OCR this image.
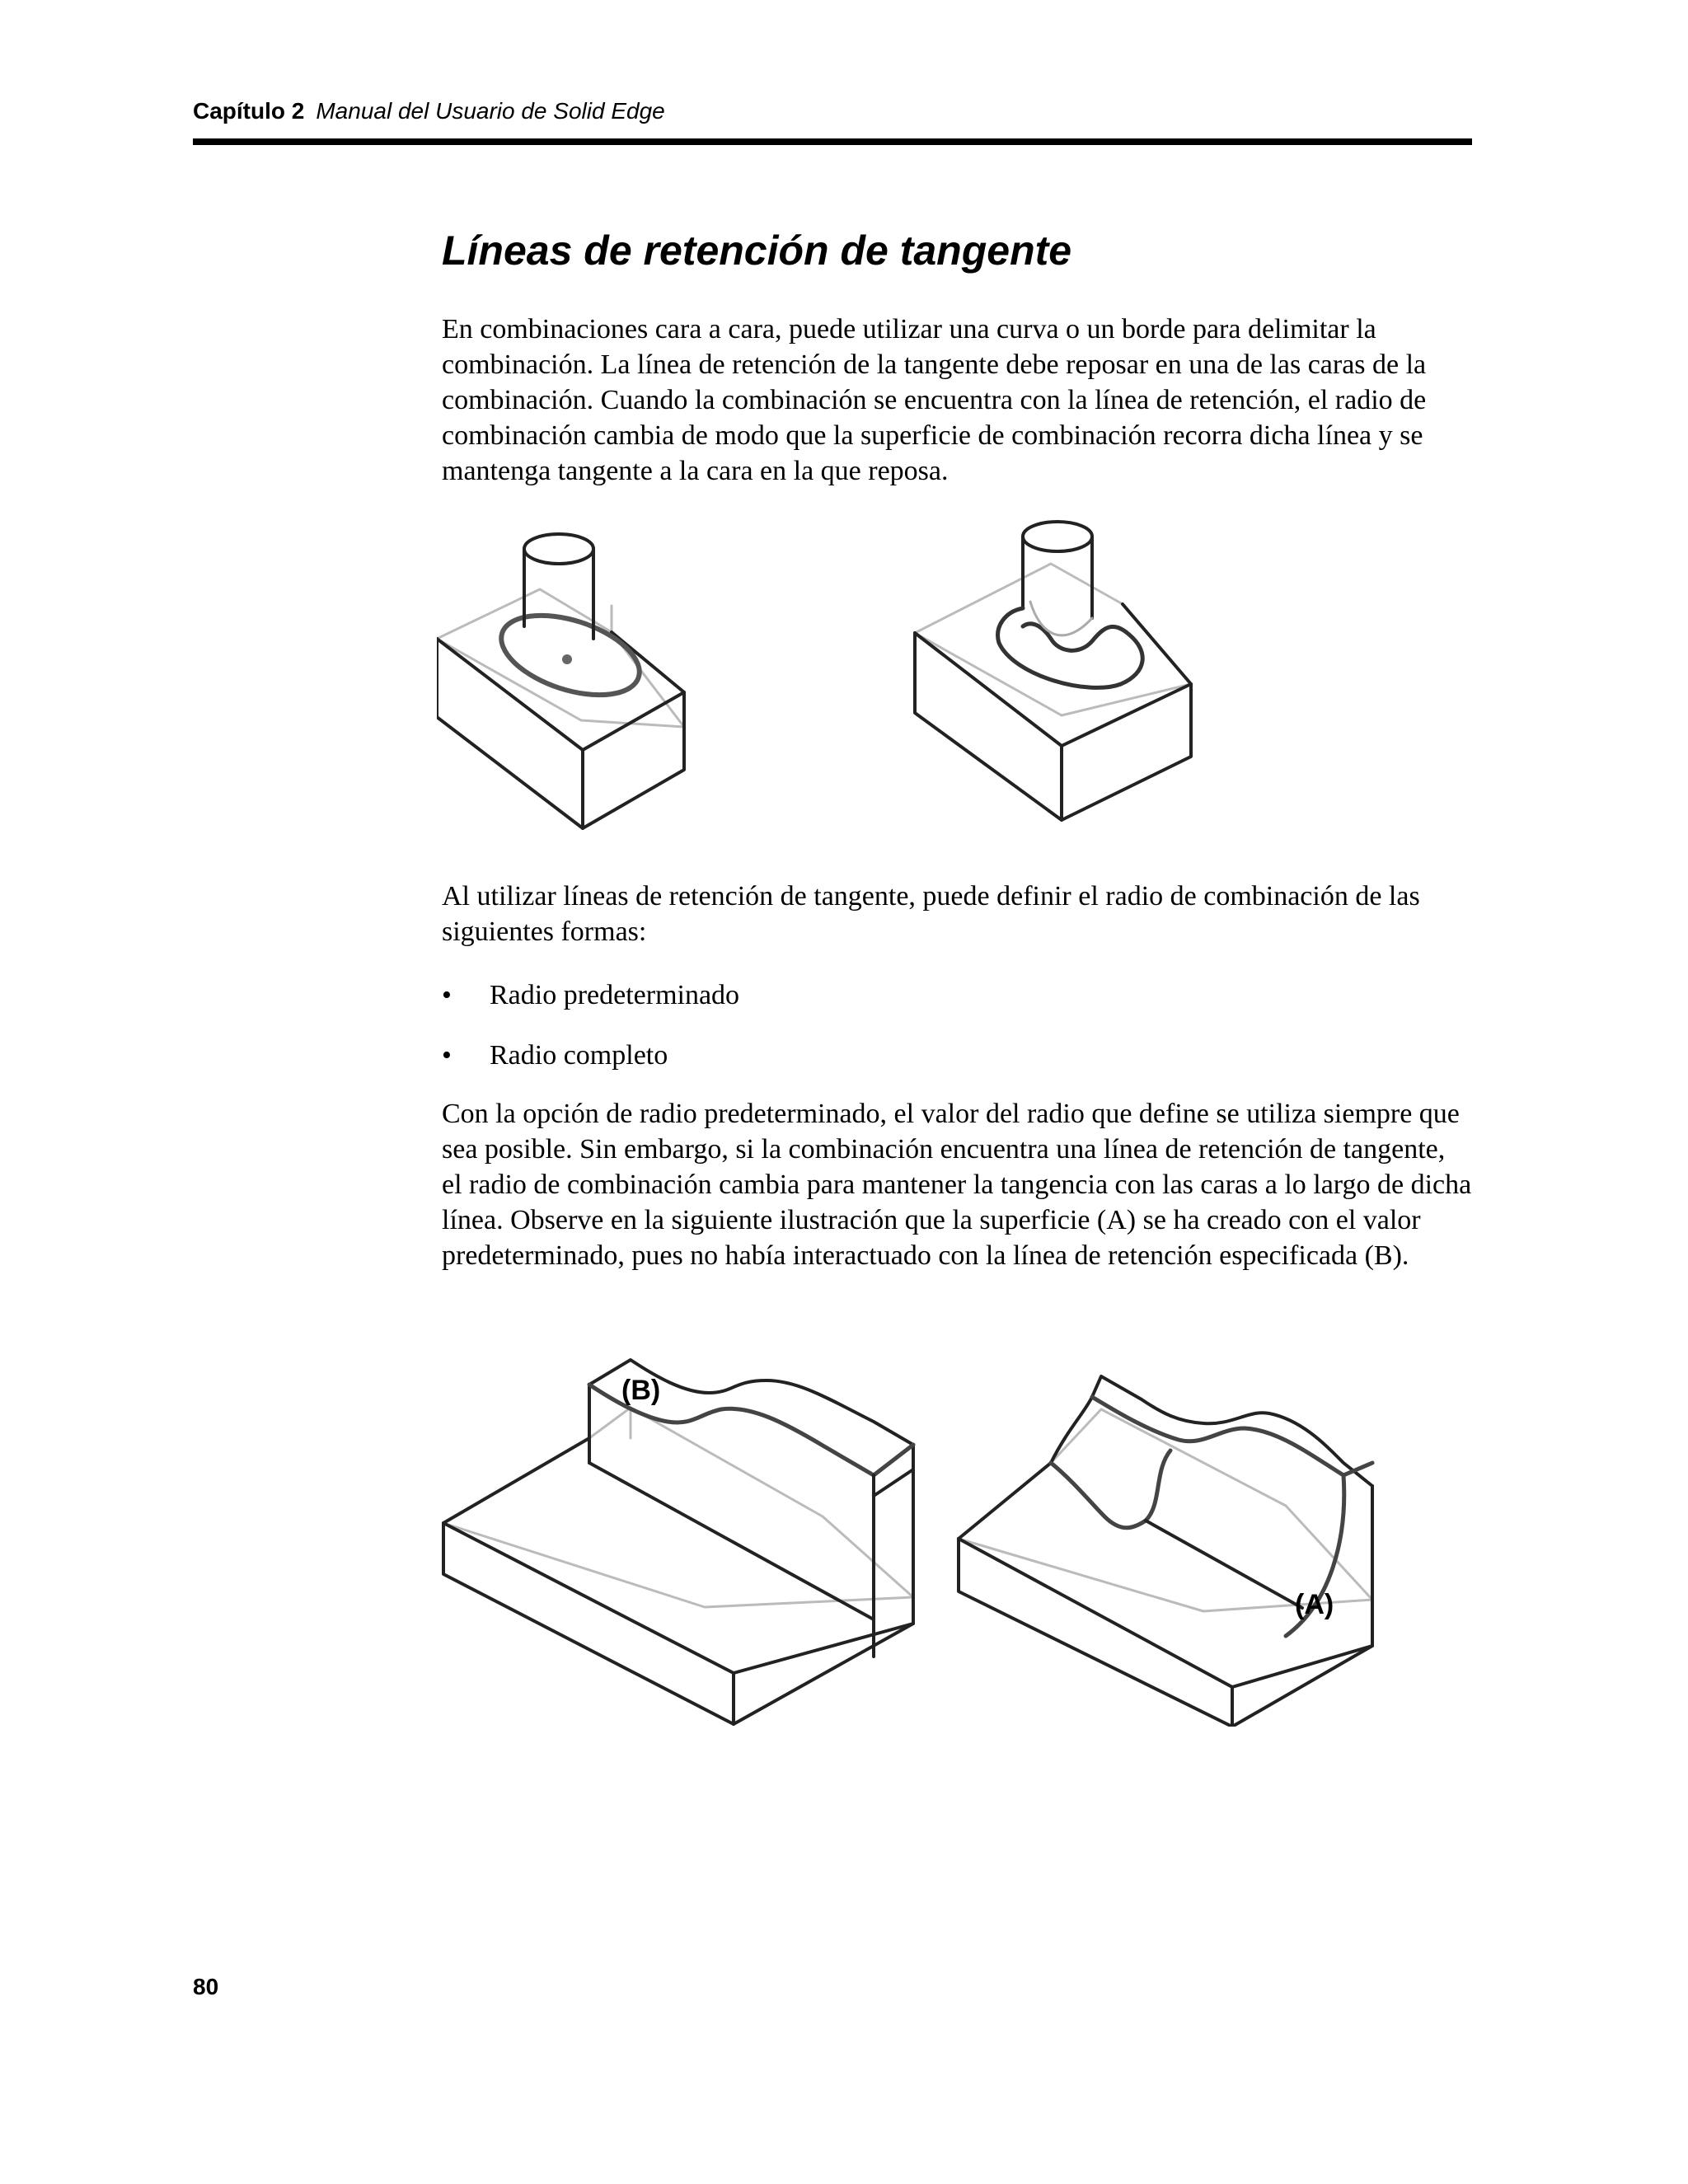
Capítulo 2 Manual del Usuario de Solid Edge
Líneas de retención de tangente

En combinaciones cara a cara, puede utilizar una curva o un borde para delimitar la combinación. La línea de retención de la tangente debe reposar en una de las caras de la combinación. Cuando la combinación se encuentra con la línea de retención, el radio de combinación cambia de modo que la superficie de combinación recorra dicha línea y se mantenga tangente a la cara en la que reposa.

Al utilizar líneas de retención de tangente, puede definir el radio de combinación de las siguientes formas:

• Radio predeterminado
• Radio completo

Con la opción de radio predeterminado, el valor del radio que define se utiliza siempre que sea posible. Sin embargo, si la combinación encuentra una línea de retención de tangente, el radio de combinación cambia para mantener la tangencia con las caras a lo largo de dicha línea. Observe en la siguiente ilustración que la superficie (A) se ha creado con el valor predeterminado, pues no había interactuado con la línea de retención especificada (B).

(B)
(A)
80
